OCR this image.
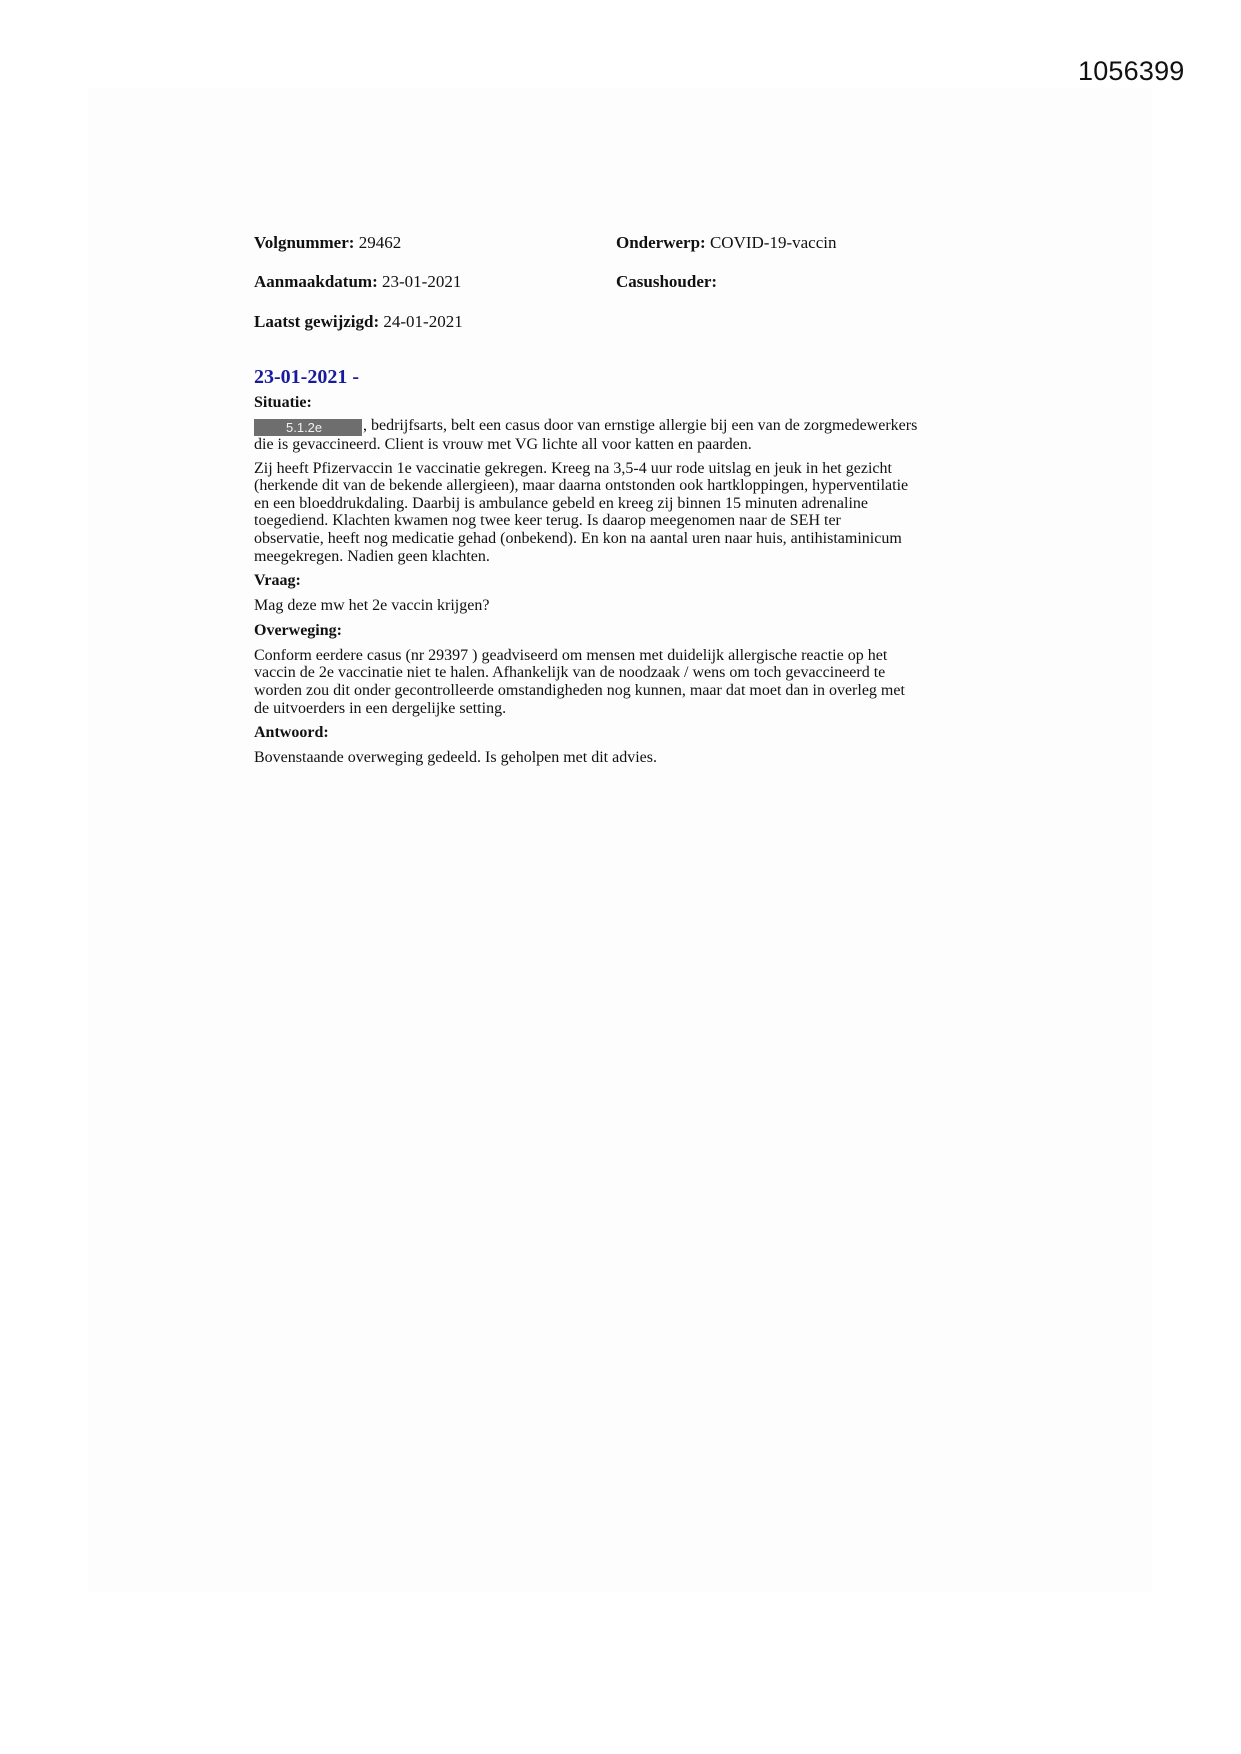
1056399
Volgnummer: 29462	Onderwerp: COVID-19-vaccin
Aanmaakdatum: 23-01-2021	Casushouder:
Laatst gewijzigd: 24-01-2021
23-01-2021 -
Situatie:
5.1.2e	, bedrijfsarts, belt een casus door van ernstige allergie bij een van de zorgmedewerkers
die is gevaccineerd. Client is vrouw met VG lichte all voor katten en paarden.
Zij heeft Pfizervaccin 1e vaccinatie gekregen. Kreeg na 3,5-4 uur rode uitslag en jeuk in het gezicht
(herkende dit van de bekende allergieen), maar daarna ontstonden ook hartkloppingen, hyperventilatie
en een bloeddrukdaling. Daarbij is ambulance gebeld en kreeg zij binnen 15 minuten adrenaline
toegediend. Klachten kwamen nog twee keer terug. Is daarop meegenomen naar de SEH ter
observatie, heeft nog medicatie gehad (onbekend). En kon na aantal uren naar huis, antihistaminicum
meegekregen. Nadien geen klachten.
Vraag:
Mag deze mw het 2e vaccin krijgen?
Overweging:
Conform eerdere casus (nr 29397 ) geadviseerd om mensen met duidelijk allergische reactie op het
vaccin de 2e vaccinatie niet te halen. Afhankelijk van de noodzaak / wens om toch gevaccineerd te
worden zou dit onder gecontrolleerde omstandigheden nog kunnen, maar dat moet dan in overleg met
de uitvoerders in een dergelijke setting.
Antwoord:
Bovenstaande overweging gedeeld. Is geholpen met dit advies.
